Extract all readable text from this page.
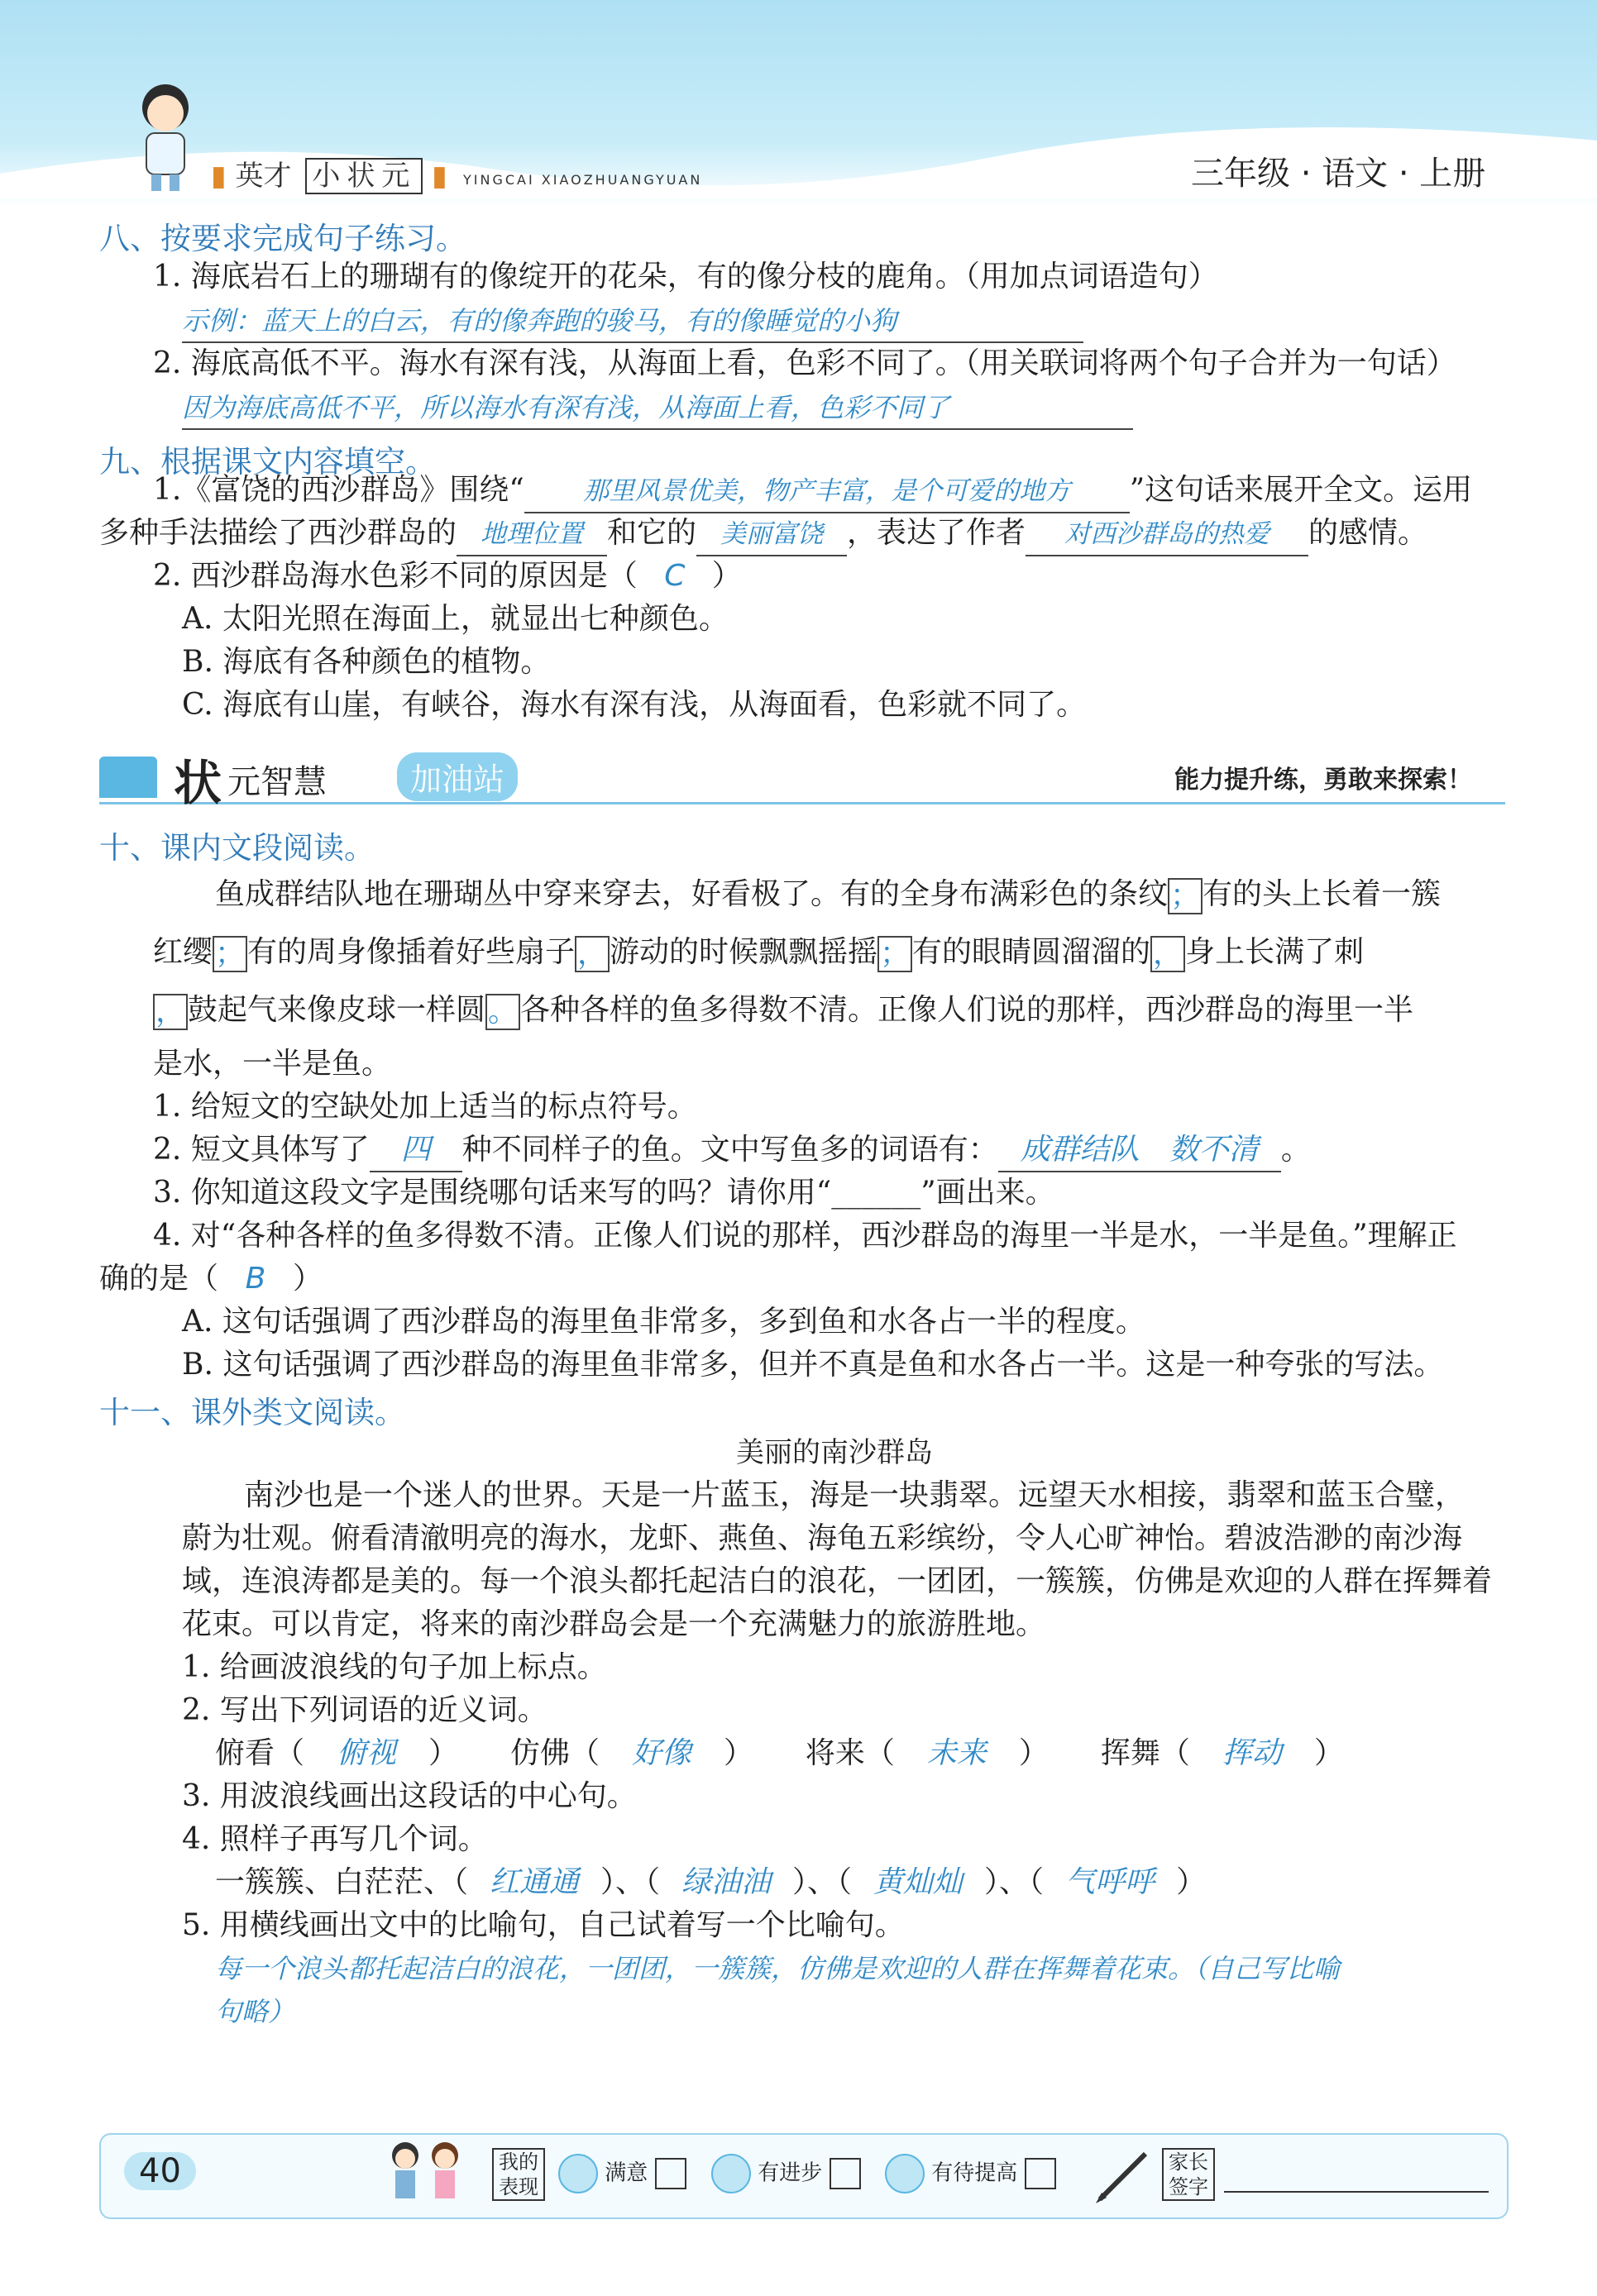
▮ 英才 小状元 ▮ YINGCAI XIAOZHUANGYUAN	三年级 · 语文 · 上册
八、按要求完成句子练习。
1. 海底岩石上的珊瑚有的像绽开的花朵，有的像分枝的鹿角。（用加点词语造句）
示例：蓝天上的白云，有的像奔跑的骏马，有的像睡觉的小狗
2. 海底高低不平。海水有深有浅，从海面上看，色彩不同了。（用关联词将两个句子合并为一句话）
因为海底高低不平，所以海水有深有浅，从海面上看，色彩不同了
九、根据课文内容填空。
1.《富饶的西沙群岛》围绕“ 那里风景优美，物产丰富，是个可爱的地方 ”这句话来展开全文。运用
多种手法描绘了西沙群岛的 地理位置 和它的 美丽富饶 ，表达了作者 对西沙群岛的热爱 的感情。
2. 西沙群岛海水色彩不同的原因是（ C ）
A. 太阳光照在海面上，就显出七种颜色。
B. 海底有各种颜色的植物。
C. 海底有山崖，有峡谷，海水有深有浅，从海面看，色彩就不同了。
状 元智慧	加油站	能力提升练，勇敢来探索！
十、课内文段阅读。
鱼成群结队地在珊瑚丛中穿来穿去，好看极了。有的全身布满彩色的条纹；有的头上长着一簇
红缨；有的周身像插着好些扇子，游动的时候飘飘摇摇；有的眼睛圆溜溜的，身上长满了刺
，鼓起气来像皮球一样圆。各种各样的鱼多得数不清。正像人们说的那样，西沙群岛的海里一半
是水，一半是鱼。
1. 给短文的空缺处加上适当的标点符号。
2. 短文具体写了 四 种不同样子的鱼。文中写鱼多的词语有： 成群结队　数不清 。
3. 你知道这段文字是围绕哪句话来写的吗？请你用“______”画出来。
4. 对“各种各样的鱼多得数不清。正像人们说的那样，西沙群岛的海里一半是水，一半是鱼。”理解正
确的是（ B ）
A. 这句话强调了西沙群岛的海里鱼非常多，多到鱼和水各占一半的程度。
B. 这句话强调了西沙群岛的海里鱼非常多，但并不真是鱼和水各占一半。这是一种夸张的写法。
十一、课外类文阅读。
美丽的南沙群岛
南沙也是一个迷人的世界。天是一片蓝玉，海是一块翡翠。远望天水相接，翡翠和蓝玉合璧，
蔚为壮观。俯看清澈明亮的海水，龙虾、燕鱼、海龟五彩缤纷，令人心旷神怡。碧波浩渺的南沙海
域，连浪涛都是美的。每一个浪头都托起洁白的浪花，一团团，一簇簇，仿佛是欢迎的人群在挥舞着
花束。可以肯定，将来的南沙群岛会是一个充满魅力的旅游胜地。
1. 给画波浪线的句子加上标点。
2. 写出下列词语的近义词。
俯看（ 俯视 ） 仿佛（ 好像 ） 将来（ 未来 ） 挥舞（ 挥动 ）
3. 用波浪线画出这段话的中心句。
4. 照样子再写几个词。
一簇簇、白茫茫、（ 红通通 ）、（ 绿油油 ）、（ 黄灿灿 ）、（ 气呼呼 ）
5. 用横线画出文中的比喻句，自己试着写一个比喻句。
每一个浪头都托起洁白的浪花，一团团，一簇簇，仿佛是欢迎的人群在挥舞着花束。（自己写比喻
句略）
40	我的表现
满意	有进步	有待提高	家长签字
